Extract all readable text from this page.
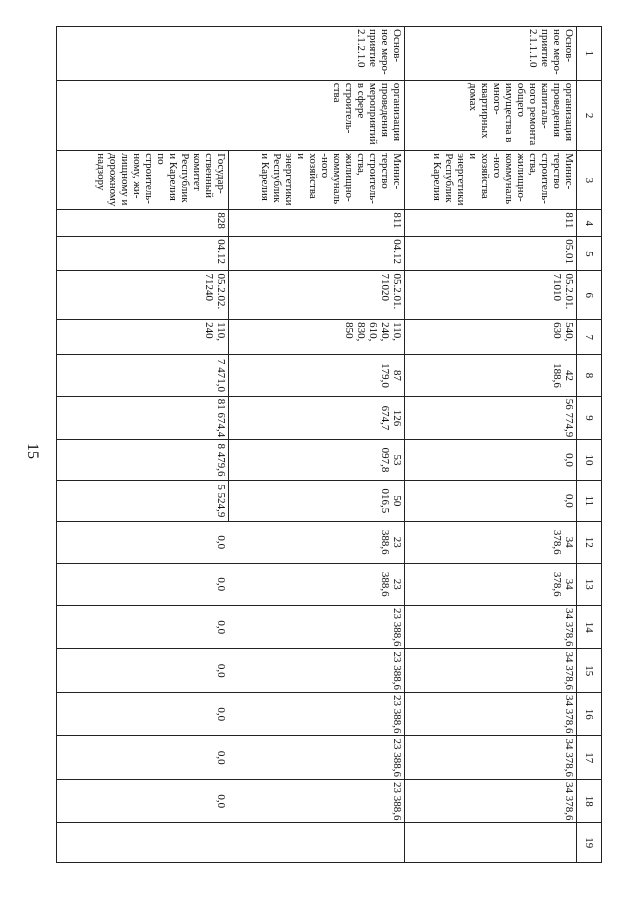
15
1	2	3	4	5	6	7	8	9	10	11	12	13	14	15	16	17	18	19
Основ-ное меро-приятие 2.1.1.1.0	организация проведения капиталь-ного ремонта общего имущества в много-квартирных домах	Минис-терство строитель-ства, жилищно-коммуналь-ного хозяйства и энергетики Республики Карелия	811	05.01	05.2.01. 71010	540, 630	42 188,6	56 774,9	0,0	0,0	34 378,6	34 378,6	34 378,6	34 378,6	34 378,6	34 378,6	34 378,6	
Основ-ное меро-приятие 2.1.2.1.0	организация проведения мероприятий в сфере строитель-ства	Минис-терство строитель-ства, жилищно-коммуналь-ного хозяйства и энергетики Республики Карелия	811	04.12	05.2.01. 71020	110, 240, 610, 830, 850	87 179,0	126 674,7	53 097,8	50 016,5	23 388,6	23 388,6	23 388,6	23 388,6	23 388,6	23 388,6	23 388,6	
		Государ-ственный комитет Республики Карелия по строитель-ному, жи-лищному и дорожному надзору	828	04.12	05.2.02. 71240	110, 240	7 471,0	81 674,4	8 479,6	5 524,9	0,0	0,0	0,0	0,0	0,0	0,0	0,0	
